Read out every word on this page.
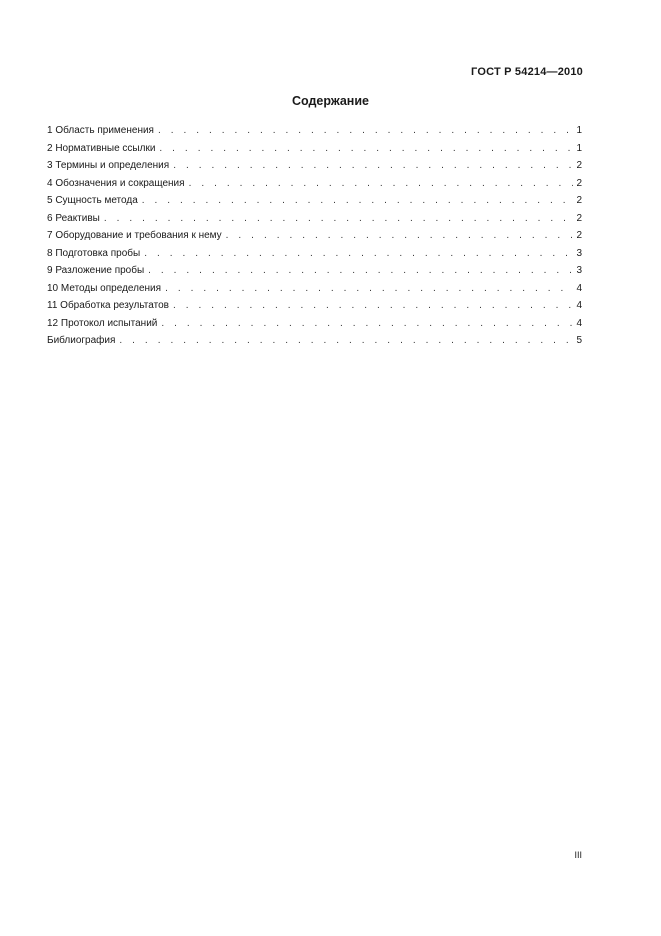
ГОСТ Р 54214—2010
Содержание
1 Область применения . . .	1
2 Нормативные ссылки . . .	1
3 Термины и определения . . .	2
4 Обозначения и сокращения . . .	2
5 Сущность метода . . .	2
6 Реактивы . . .	2
7 Оборудование и требования к нему . . .	2
8 Подготовка пробы . . .	3
9 Разложение пробы . . .	3
10 Методы определения . . .	4
11 Обработка результатов . . .	4
12 Протокол испытаний . . .	4
Библиография . . .	5
III
